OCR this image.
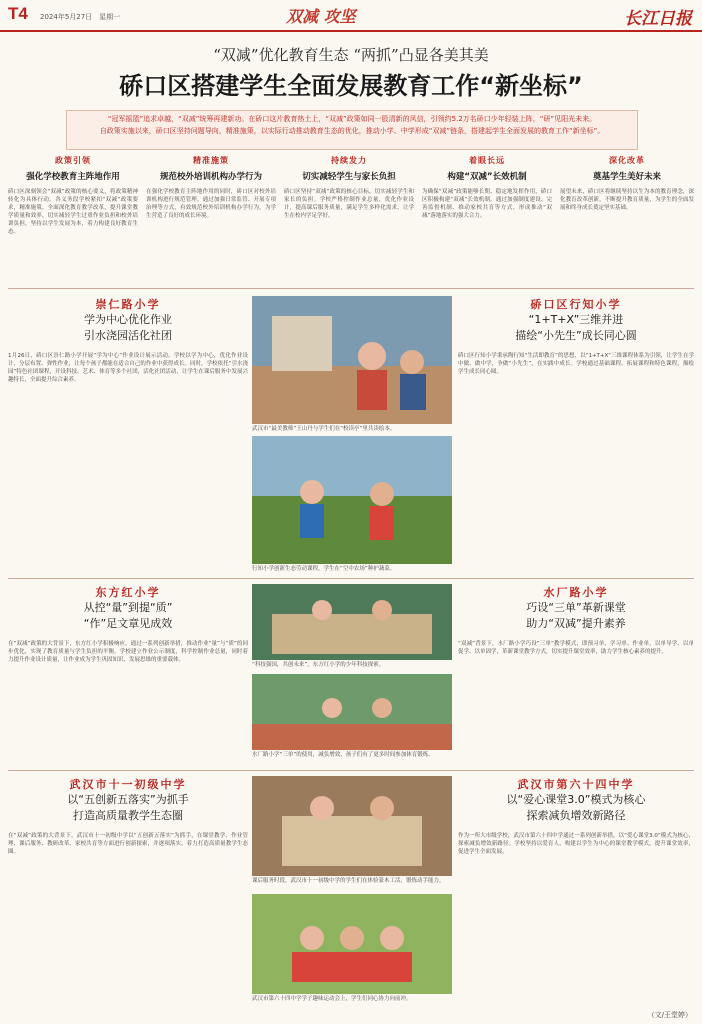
T4 2024年5月27日　星期一	双减 攻坚	长江日报
“双减”优化教育生态 “两抓”凸显各美其美
硚口区搭建学生全面发展教育工作“新坐标”
“冠军摇篮”追求卓越，“双减”统筹再建新功。在硚口这片教育热土上，“双减”政策如同一股清新的风信，引领约5.2万名硚口少年轻装上阵，“研”见阳光未来。
自政策实施以来，硚口区坚持问题导向，精准施策，以实际行动推动教育生态的优化，推动小学、中学形成“双减”链条，搭建起学生全面发展的教育工作“新坐标”。
政策引领
强化学校教育主阵地作用
硚口区深刻领会“双减”政策的核心要义，将政策精神转化为具体行动。各义务段学校紧扣“双减”政策要求，精准施策，全面深化教育教学改革，提升课堂教学质量和效率，切实减轻学生过重作业负担和校外培训负担，坚持以学生发展为本，着力构建良好教育生态。
精准施策
规范校外培训机构办学行为
在强化学校教育主阵地作用的同时，硚口区对校外培训机构进行规范管理。通过加强日常监管、开展专项治理等方式，有效规范校外培训机构办学行为，为学生营造了良好的成长环境。
持续发力
切实减轻学生与家长负担
硚口区坚持“双减”政策的核心目标，切实减轻学生和家长的负担。学校严格控制作业总量，优化作业设计，提高课后服务质量，满足学生多样化需求，让学生在校内学足学好。
着眼长远
构建“双减”长效机制
为确保“双减”政策能够长期、稳定地发挥作用，硚口区积极构建“双减”长效机制。通过加强制度建设、完善监督机制、推动家校共育等方式，形成推动“双减”落地落实的强大合力。
深化改革
奠基学生美好未来
展望未来，硚口区将继续坚持以生为本的教育理念，深化教育改革创新，不断提升教育质量，为学生的全面发展和终身成长奠定坚实基础。
崇仁路小学
学为中心优化作业
引水浇园活化社团
1月26日，硚口区崇仁路小学开展“学为中心”作业设计展示活动。学校以学为中心，优化作业设计，分层布置、弹性作业，让每个孩子都能在适合自己的作业中获得成长。同时，学校依托“引水浇园”特色社团课程，开设科技、艺术、体育等多个社团，活化社团活动，让学生在课后服务中发展兴趣特长，全面提升综合素养。
武汉市“最美教师”王山丹与学生们在“校读亭”里共读绘本。
行知小学创新生态劳动课程，学生在“空中农场”种护蔬菜。
硚口区行知小学
“1+T+X”三维并进
描绘“小先生”成长同心圆
硚口区行知小学秉承陶行知“生活即教育”的思想，以“1+T+X”三维课程体系为引领，让学生在学中做、做中学，争做“小先生”，在实践中成长。学校通过基础课程、拓展课程和特色课程，描绘学生成长同心圆。
东方红小学
从控“量”到提“质”
“作”足文章见成效
在“双减”政策的大背景下，东方红小学积极响应，通过一系列创新举措，推动作业“量”与“质”的同步优化，实现了教育质量与学生负担的平衡。学校建立作业公示制度，科学控制作业总量，同时着力提升作业设计质量，让作业成为学生巩固知识、发展思维的重要载体。
“科技强国，共创未来”，东方红小学的少年科技探索。
水厂路小学“三单”的使用，减负增效，孩子们有了更多时间参加体育锻炼。
水厂路小学
巧设“三单”革新课堂
助力“双减”提升素养
“双减”背景下，水厂路小学巧设“三单”教学模式，即预习单、学习单、作业单，以单导学、以单促学、以单固学，革新课堂教学方式，切实提升课堂效率，助力学生核心素养的提升。
武汉市十一初级中学
以“五创新五落实”为抓手
打造高质量教学生态圈
在“双减”政策的大背景下，武汉市十一初级中学以“五创新五落实”为抓手，在课堂教学、作业管理、课后服务、教研改革、家校共育等方面进行创新探索，并逐项落实，着力打造高质量教学生态圈。
课后服务时段，武汉市十一初级中学的学生们在体验篆木工活，锻炼动手能力。
武汉市第六十四中学学子趣味运动会上，学生们同心协力向前冲。
武汉市第六十四中学
以“爱心课堂3.0”模式为核心
探索减负增效新路径
作为一所大市级学校，武汉市第六十四中学通过一系列创新举措，以“爱心课堂3.0”模式为核心，探索减负增效新路径。学校坚持以爱育人，构建以学生为中心的课堂教学模式，提升课堂效率，促进学生全面发展。
（文/王堂婷）
